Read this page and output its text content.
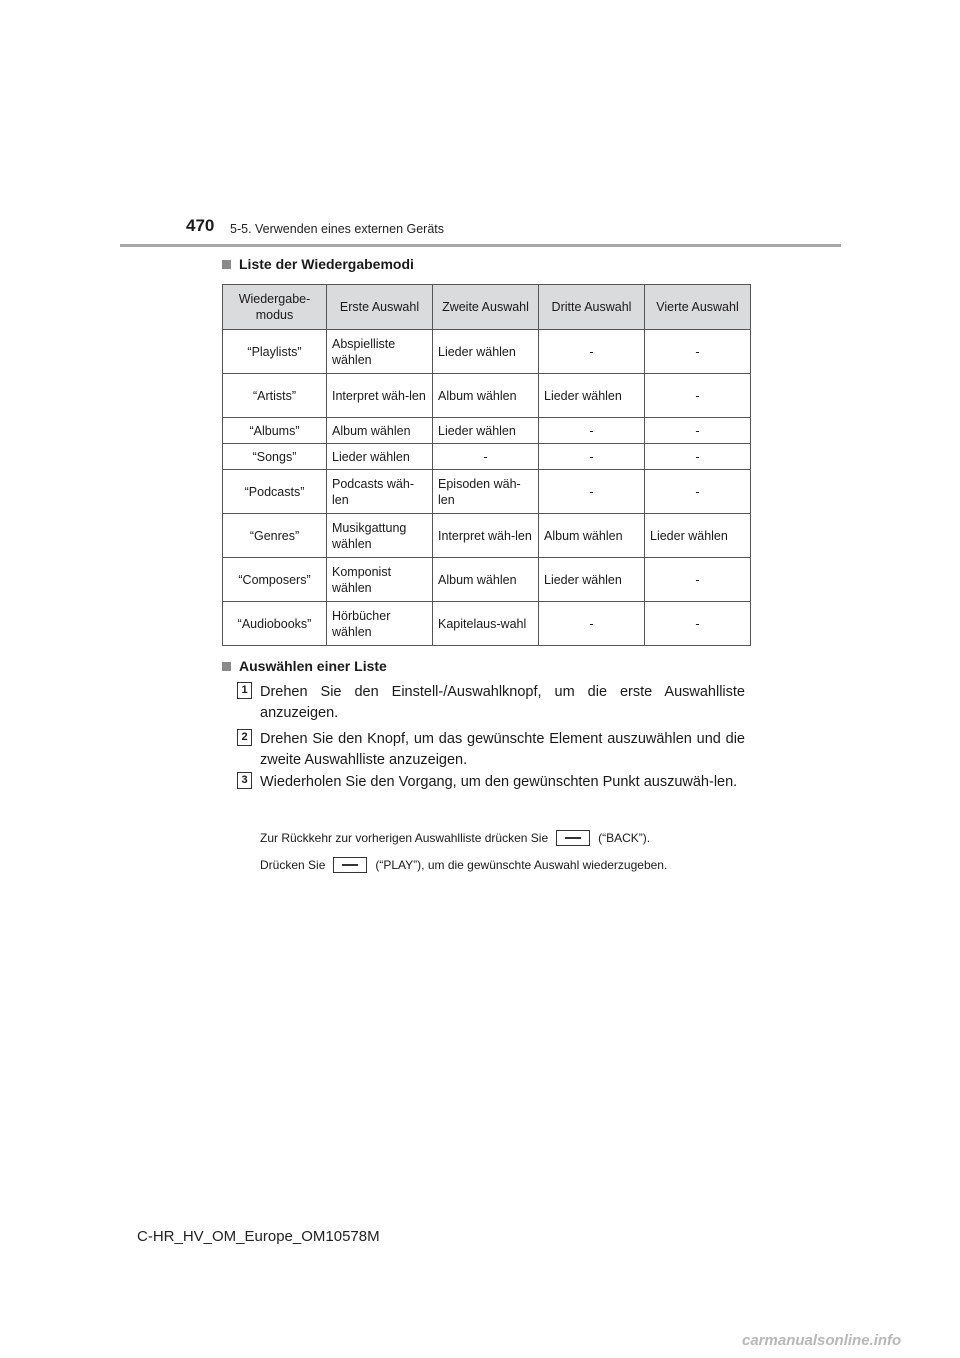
470 5-5. Verwenden eines externen Geräts
Liste der Wiedergabemodi
Wiedergabe-modus	Erste Auswahl	Zweite Auswahl	Dritte Auswahl	Vierte Auswahl
“Playlists”	Abspielliste wählen	Lieder wählen	-	-
“Artists”	Interpret wäh-len	Album wählen	Lieder wählen	-
“Albums”	Album wählen	Lieder wählen	-	-
“Songs”	Lieder wählen	-	-	-
“Podcasts”	Podcasts wäh-len	Episoden wäh-len	-	-
“Genres”	Musikgattung wählen	Interpret wäh-len	Album wählen	Lieder wählen
“Composers”	Komponist wählen	Album wählen	Lieder wählen	-
“Audiobooks”	Hörbücher wählen	Kapitelaus-wahl	-	-
Auswählen einer Liste
1 Drehen Sie den Einstell-/Auswahlknopf, um die erste Auswahlliste anzuzeigen.
2 Drehen Sie den Knopf, um das gewünschte Element auszuwählen und die zweite Auswahlliste anzuzeigen.
3 Wiederholen Sie den Vorgang, um den gewünschten Punkt auszuwäh-len.
Zur Rückkehr zur vorherigen Auswahlliste drücken Sie	(“BACK”).
Drücken Sie	(“PLAY”), um die gewünschte Auswahl wiederzugeben.
C-HR_HV_OM_Europe_OM10578M
carmanualsonline.info
